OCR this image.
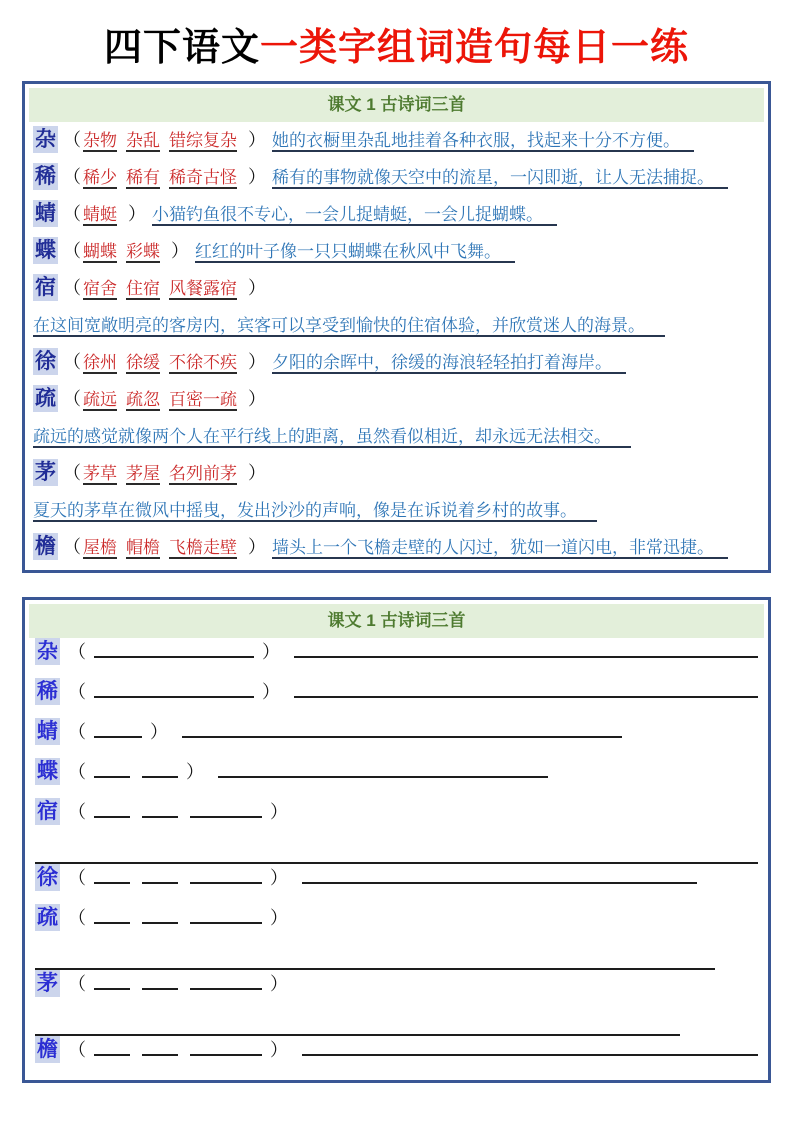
四下语文一类字组词造句每日一练
课文 1 古诗词三首
杂 （ 杂物 杂乱 错综复杂 ） 她的衣橱里杂乱地挂着各种衣服，找起来十分不方便。
稀 （ 稀少 稀有 稀奇古怪 ） 稀有的事物就像天空中的流星，一闪即逝，让人无法捕捉。
蜻 （ 蜻蜓 ） 小猫钓鱼很不专心，一会儿捉蜻蜓，一会儿捉蝴蝶。
蝶 （ 蝴蝶 彩蝶 ） 红红的叶子像一只只蝴蝶在秋风中飞舞。
宿 （ 宿舍 住宿 风餐露宿 ）
在这间宽敞明亮的客房内，宾客可以享受到愉快的住宿体验，并欣赏迷人的海景。
徐 （ 徐州 徐缓 不徐不疾 ） 夕阳的余晖中，徐缓的海浪轻轻拍打着海岸。
疏 （ 疏远 疏忽 百密一疏 ）
疏远的感觉就像两个人在平行线上的距离，虽然看似相近，却永远无法相交。
茅 （ 茅草 茅屋 名列前茅 ）
夏天的茅草在微风中摇曳，发出沙沙的声响，像是在诉说着乡村的故事。
檐 （ 屋檐 帽檐 飞檐走壁 ） 墙头上一个飞檐走壁的人闪过，犹如一道闪电，非常迅捷。
课文 1 古诗词三首
杂 （	）
稀 （	）
蜻 （	）
蝶 （	）
宿 （	）
徐 （	）
疏 （	）
茅 （	）
檐 （	）
